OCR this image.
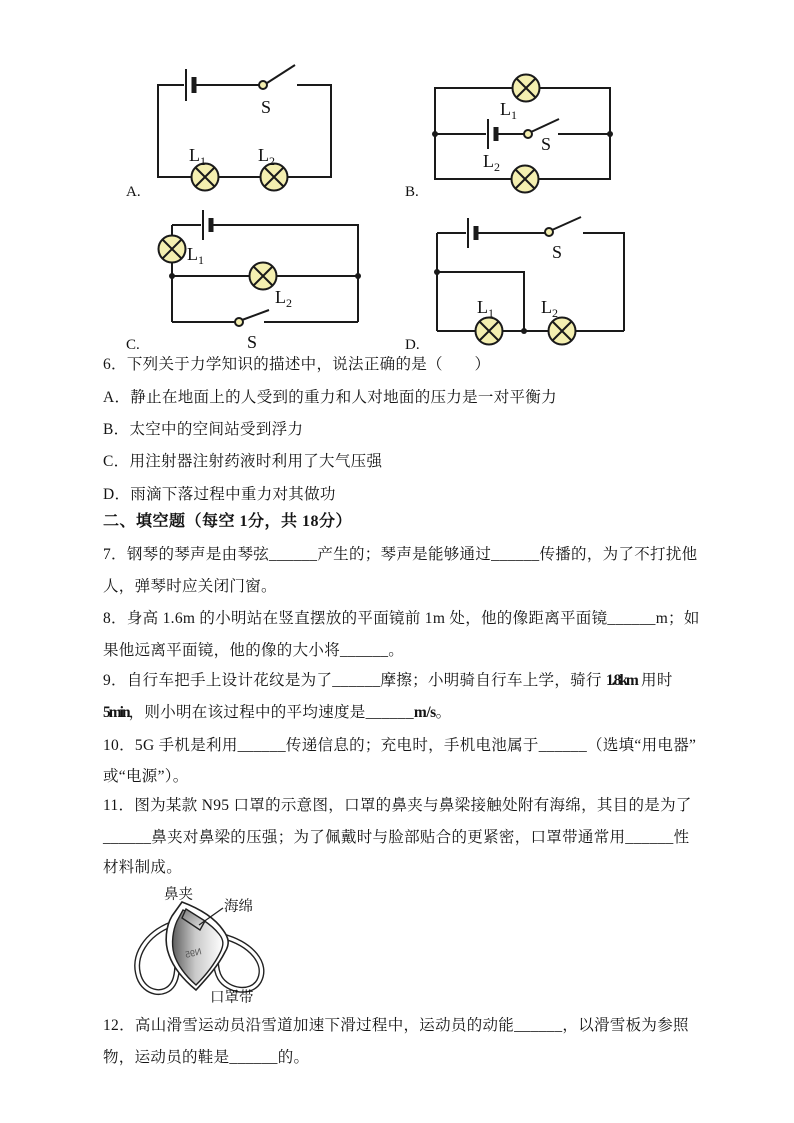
$L_1$	$L_2$
S
A.
$L_1$
$L_2$
S
B.
$L_1$
$L_2$
S
C.
$L_1$	$L_2$
S
D.
6．下列关于力学知识的描述中，说法正确的是（　　）
A．静止在地面上的人受到的重力和人对地面的压力是一对平衡力
B．太空中的空间站受到浮力
C．用注射器注射药液时利用了大气压强
D．雨滴下落过程中重力对其做功
二、填空题（每空 1分，共 18分）
7．钢琴的琴声是由琴弦______产生的；琴声是能够通过______传播的，为了不打扰他
人，弹琴时应关闭门窗。
8．身高 1.6m 的小明站在竖直摆放的平面镜前 1m 处，他的像距离平面镜______m；如
果他远离平面镜，他的像的大小将______。
9．自行车把手上设计花纹是为了______摩擦；小明骑自行车上学，骑行 1.8km 用时
5min，则小明在该过程中的平均速度是______m/s。
10．5G 手机是利用______传递信息的；充电时，手机电池属于______（选填“用电器”
或“电源”）。
11．图为某款 N95 口罩的示意图，口罩的鼻夹与鼻梁接触处附有海绵，其目的是为了
______鼻夹对鼻梁的压强；为了佩戴时与脸部贴合的更紧密，口罩带通常用______性
材料制成。
N95
鼻夹
海绵
口罩带
12．高山滑雪运动员沿雪道加速下滑过程中，运动员的动能______，以滑雪板为参照
物，运动员的鞋是______的。
